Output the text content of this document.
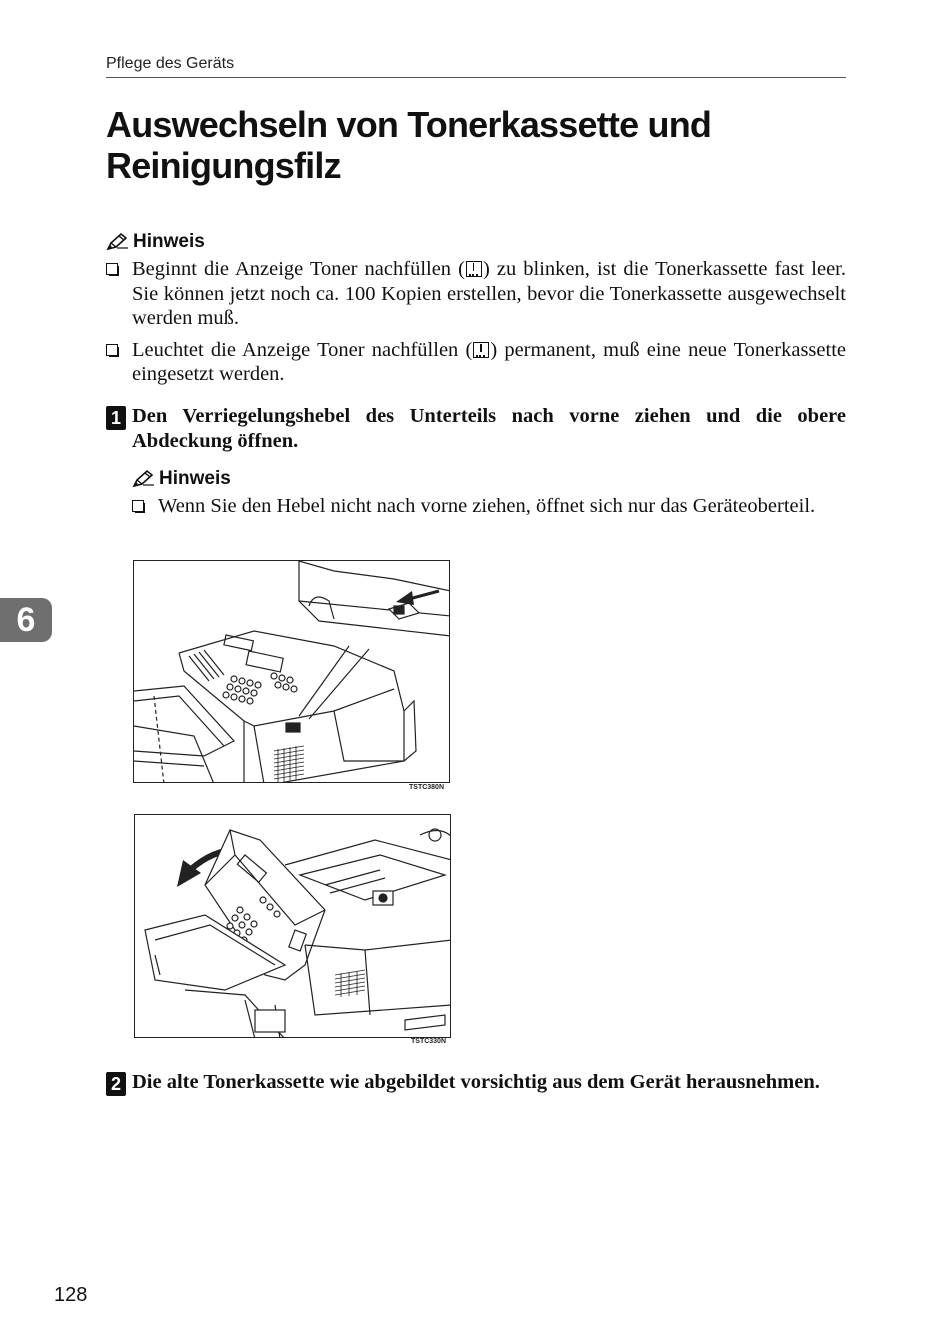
Pflege des Geräts
Auswechseln von Tonerkassette und Reinigungsfilz
Hinweis
Beginnt die Anzeige Toner nachfüllen ( ) zu blinken, ist die Tonerkassette fast leer. Sie können jetzt noch ca. 100 Kopien erstellen, bevor die Tonerkassette ausgewechselt werden muß.
Leuchtet die Anzeige Toner nachfüllen ( ) permanent, muß eine neue Tonerkassette eingesetzt werden.
1 Den Verriegelungshebel des Unterteils nach vorne ziehen und die obere Abdeckung öffnen.
Hinweis
Wenn Sie den Hebel nicht nach vorne ziehen, öffnet sich nur das Geräteoberteil.
6
TSTC380N
TSTC330N
2 Die alte Tonerkassette wie abgebildet vorsichtig aus dem Gerät herausnehmen.
128
